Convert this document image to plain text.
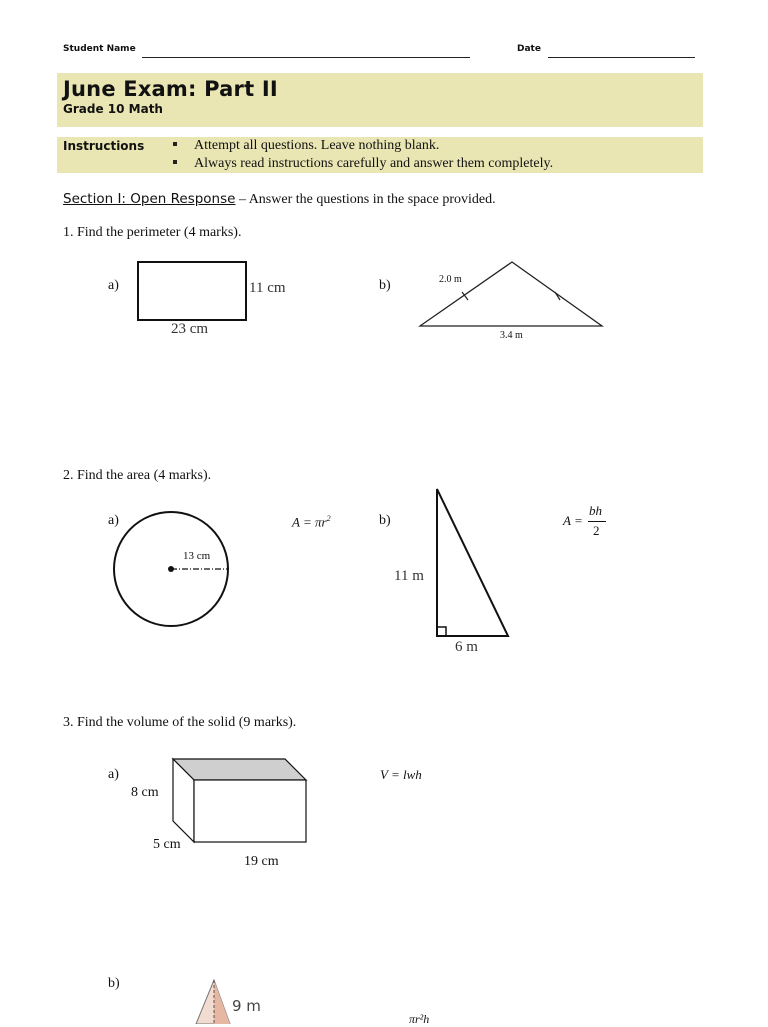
Student Name	Date
June Exam: Part II
Grade 10 Math
Instructions	Attempt all questions. Leave nothing blank.
Always read instructions carefully and answer them completely.
Section I: Open Response – Answer the questions in the space provided.
1. Find the perimeter (4 marks).
a)	11 cm
23 cm
b)	2.0 m
3.4 m
2. Find the area (4 marks).
a)
13 cm
$A = \pi r^2$	b)
11 m
6 m
A =
bh
2
3. Find the volume of the solid (9 marks).
a)
8 cm
5 cm
19 cm
V = lwh
b)
9 m
πr²h
